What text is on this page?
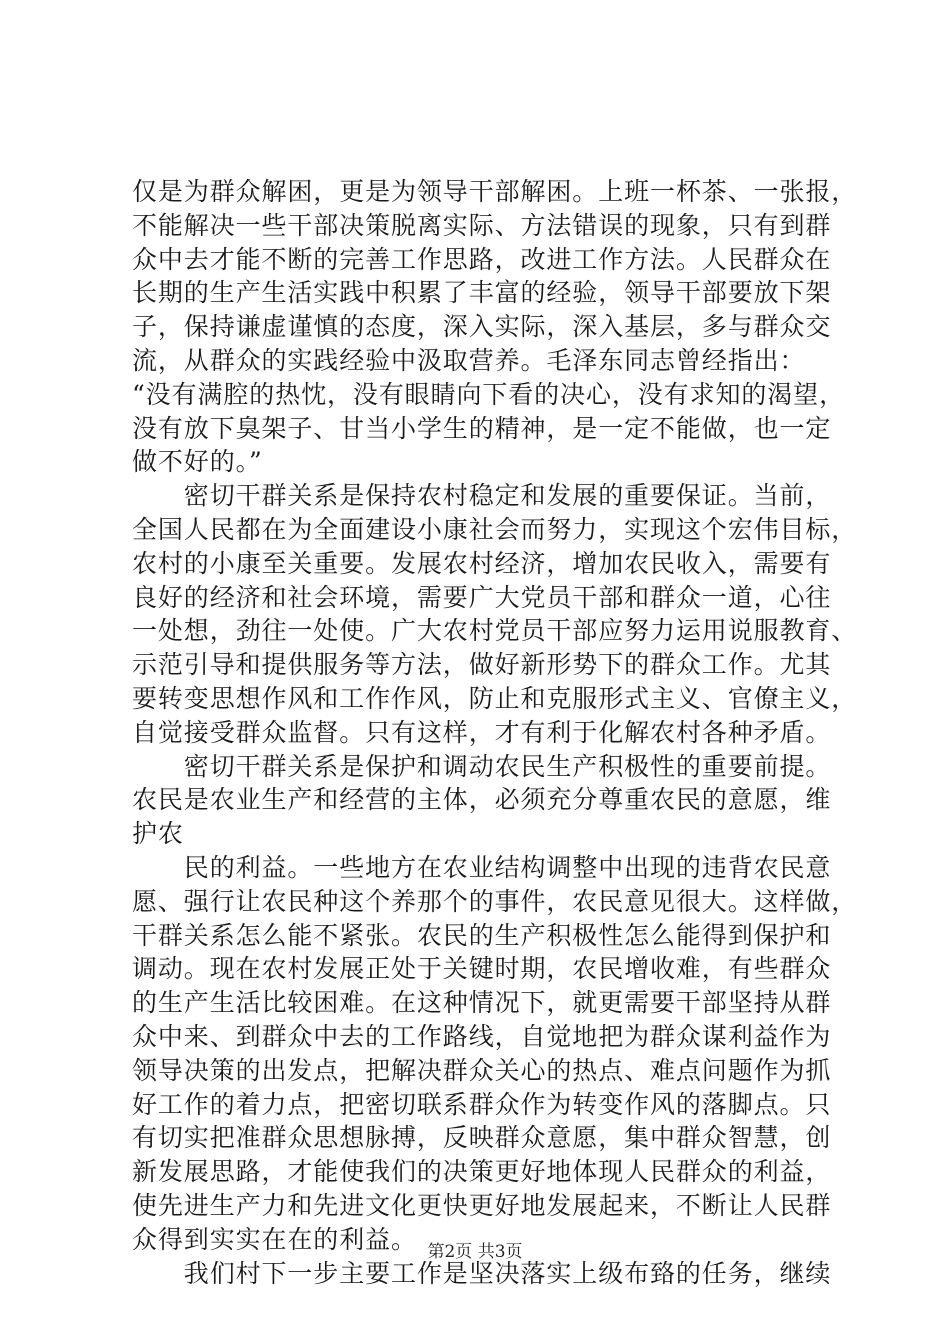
仅是为群众解困，更是为领导干部解困。上班一杯茶、一张报，
不能解决一些干部决策脱离实际、方法错误的现象，只有到群
众中去才能不断的完善工作思路，改进工作方法。人民群众在
长期的生产生活实践中积累了丰富的经验，领导干部要放下架
子，保持谦虚谨慎的态度，深入实际，深入基层，多与群众交
流，从群众的实践经验中汲取营养。毛泽东同志曾经指出：
“没有满腔的热忱，没有眼睛向下看的决心，没有求知的渴望，
没有放下臭架子、甘当小学生的精神，是一定不能做，也一定
做不好的。”
　　密切干群关系是保持农村稳定和发展的重要保证。当前，
全国人民都在为全面建设小康社会而努力，实现这个宏伟目标，
农村的小康至关重要。发展农村经济，增加农民收入，需要有
良好的经济和社会环境，需要广大党员干部和群众一道，心往
一处想，劲往一处使。广大农村党员干部应努力运用说服教育、
示范引导和提供服务等方法，做好新形势下的群众工作。尤其
要转变思想作风和工作作风，防止和克服形式主义、官僚主义，
自觉接受群众监督。只有这样，才有利于化解农村各种矛盾。
　　密切干群关系是保护和调动农民生产积极性的重要前提。
农民是农业生产和经营的主体，必须充分尊重农民的意愿，维
护农
　　民的利益。一些地方在农业结构调整中出现的违背农民意
愿、强行让农民种这个养那个的事件，农民意见很大。这样做，
干群关系怎么能不紧张。农民的生产积极性怎么能得到保护和
调动。现在农村发展正处于关键时期，农民增收难，有些群众
的生产生活比较困难。在这种情况下，就更需要干部坚持从群
众中来、到群众中去的工作路线，自觉地把为群众谋利益作为
领导决策的出发点，把解决群众关心的热点、难点问题作为抓
好工作的着力点，把密切联系群众作为转变作风的落脚点。只
有切实把准群众思想脉搏，反映群众意愿，集中群众智慧，创
新发展思路，才能使我们的决策更好地体现人民群众的利益，
使先进生产力和先进文化更快更好地发展起来，不断让人民群
众得到实实在在的利益。
　　我们村下一步主要工作是坚决落实上级布臵的任务，继续
第2页 共3页
